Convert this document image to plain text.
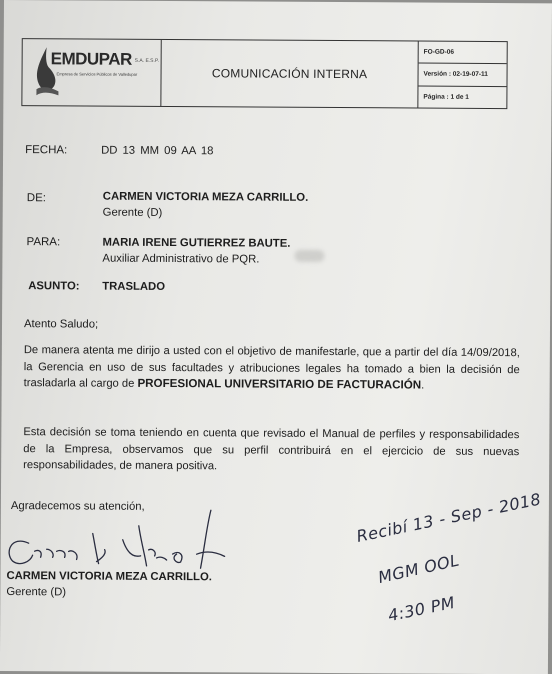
EMDUPAR S.A. E.S.P.
Empresa de Servicios Públicos de Valledupar	COMUNICACIÓN INTERNA
FO-GD-06
Versión : 02-19-07-11
Página : 1 de 1
FECHA:	DD 13 MM 09 AA 18
DE:	CARMEN VICTORIA MEZA CARRILLO.
Gerente (D)
PARA:	MARIA IRENE GUTIERREZ BAUTE.
Auxiliar Administrativo de PQR.
ASUNTO: TRASLADO
Atento Saludo;
De manera atenta me dirijo a usted con el objetivo de manifestarle, que a partir del día 14/09/2018, la Gerencia en uso de sus facultades y atribuciones legales ha tomado a bien la decisión de trasladarla al cargo de PROFESIONAL UNIVERSITARIO DE FACTURACIÓN.
Esta decisión se toma teniendo en cuenta que revisado el Manual de perfiles y responsabilidades de la Empresa, observamos que su perfil contribuirá en el ejercicio de sus nuevas responsabilidades, de manera positiva.
Agradecemos su atención,
CARMEN VICTORIA MEZA CARRILLO.
Gerente (D)
Recibí 13 - Sep - 2018
MGM OOL
4:30 PM
